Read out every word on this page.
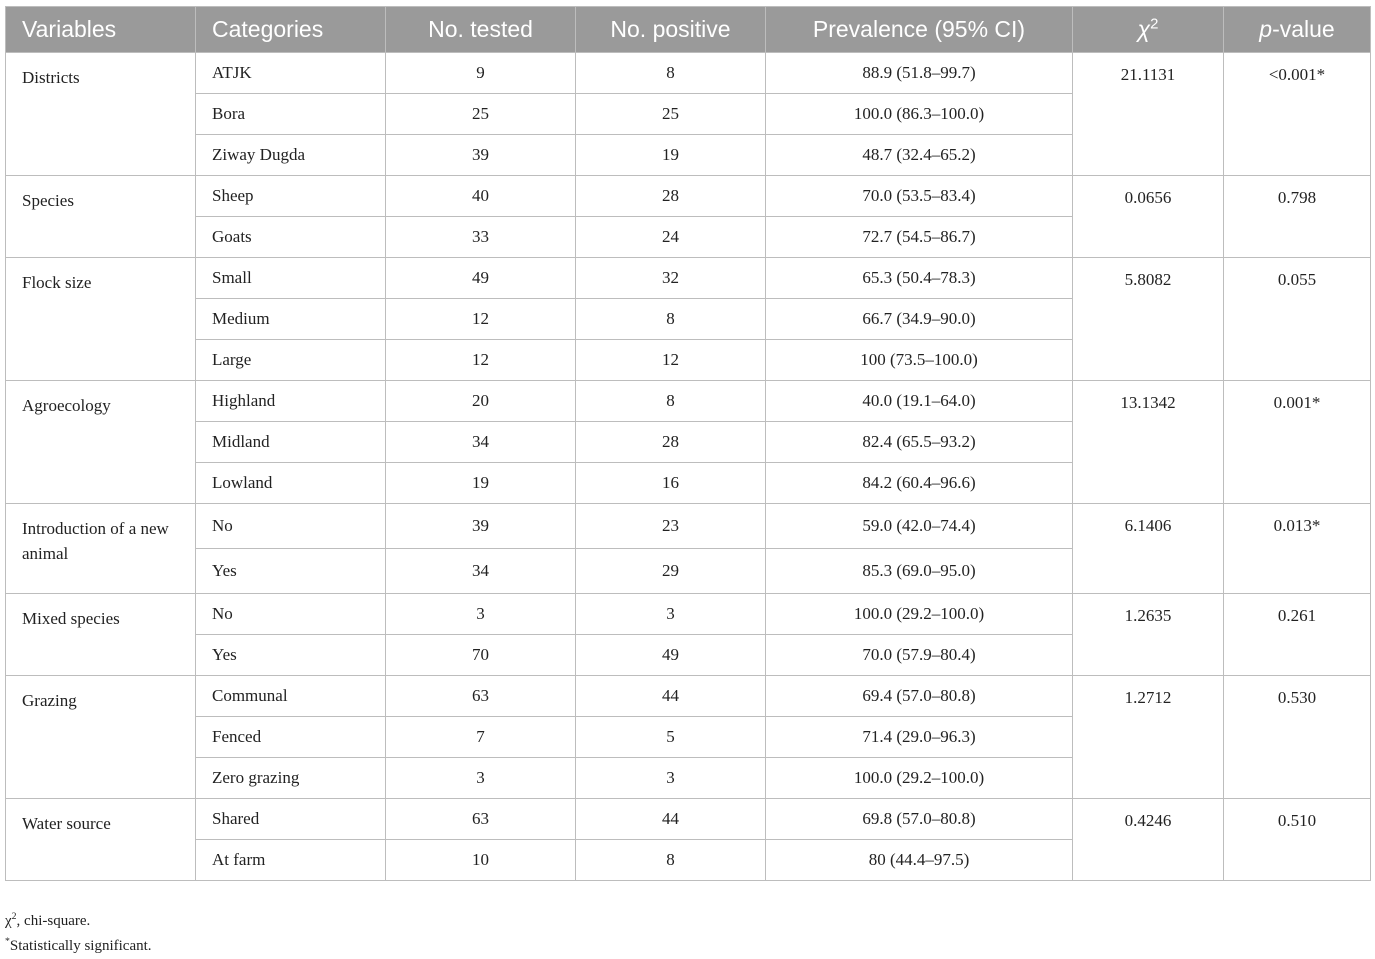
Variables	Categories	No. tested	No. positive	Prevalence (95% CI)	$\chi^2$	p-value
Districts	ATJK	9	8	88.9 (51.8–99.7)	21.1131	<0.001*
	Bora	25	25	100.0 (86.3–100.0)		
	Ziway Dugda	39	19	48.7 (32.4–65.2)		
Species	Sheep	40	28	70.0 (53.5–83.4)	0.0656	0.798
	Goats	33	24	72.7 (54.5–86.7)		
Flock size	Small	49	32	65.3 (50.4–78.3)	5.8082	0.055
	Medium	12	8	66.7 (34.9–90.0)		
	Large	12	12	100 (73.5–100.0)		
Agroecology	Highland	20	8	40.0 (19.1–64.0)	13.1342	0.001*
	Midland	34	28	82.4 (65.5–93.2)		
	Lowland	19	16	84.2 (60.4–96.6)		
Introduction of a new animal	No	39	23	59.0 (42.0–74.4)	6.1406	0.013*
	Yes	34	29	85.3 (69.0–95.0)		
Mixed species	No	3	3	100.0 (29.2–100.0)	1.2635	0.261
	Yes	70	49	70.0 (57.9–80.4)		
Grazing	Communal	63	44	69.4 (57.0–80.8)	1.2712	0.530
	Fenced	7	5	71.4 (29.0–96.3)		
	Zero grazing	3	3	100.0 (29.2–100.0)		
Water source	Shared	63	44	69.8 (57.0–80.8)	0.4246	0.510
	At farm	10	8	80 (44.4–97.5)		
$\chi^2$, chi-square.
*Statistically significant.
